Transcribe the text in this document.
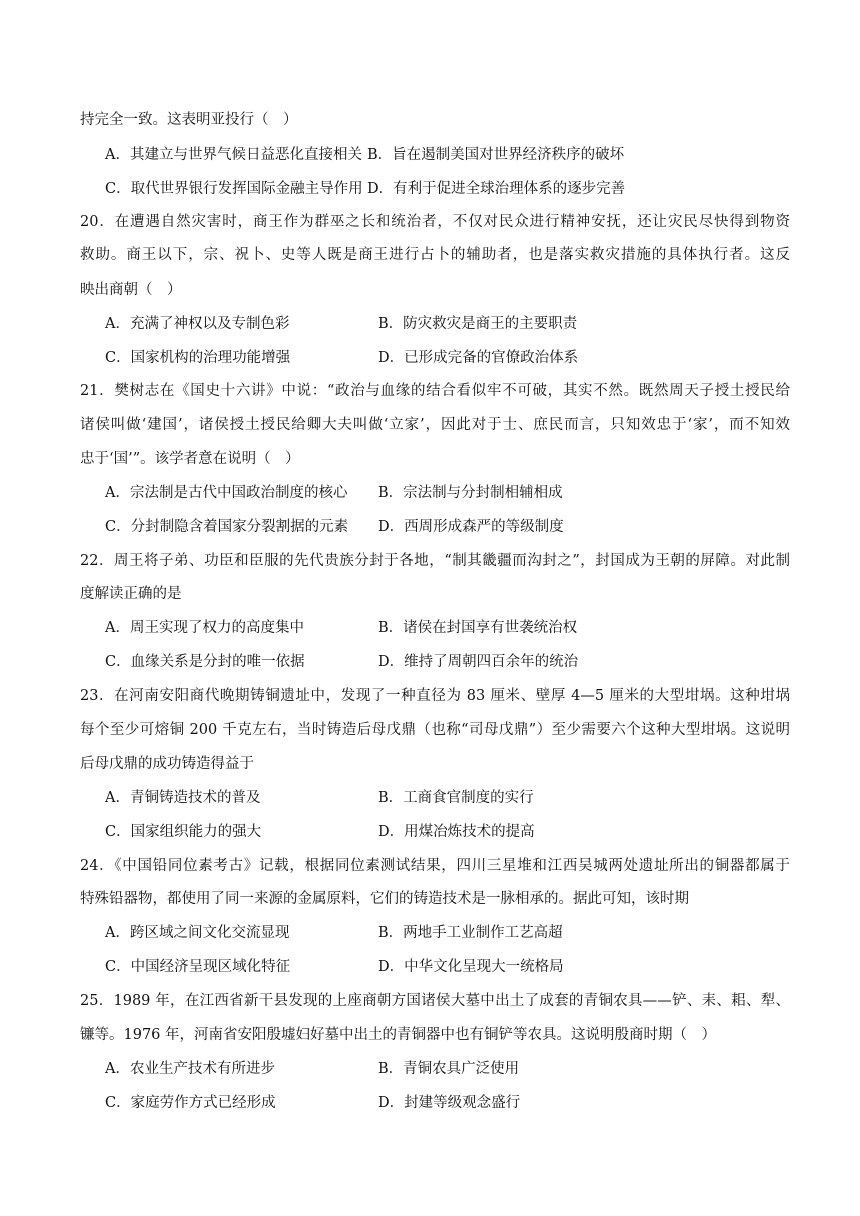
持完全一致。这表明亚投行（　）
A．其建立与世界气候日益恶化直接相关 B．旨在遏制美国对世界经济秩序的破坏
C．取代世界银行发挥国际金融主导作用 D．有利于促进全球治理体系的逐步完善
20．在遭遇自然灾害时，商王作为群巫之长和统治者，不仅对民众进行精神安抚，还让灾民尽快得到物资
救助。商王以下，宗、祝卜、史等人既是商王进行占卜的辅助者，也是落实救灾措施的具体执行者。这反
映出商朝（　）
A．充满了神权以及专制色彩	B．防灾救灾是商王的主要职责
C．国家机构的治理功能增强	D．已形成完备的官僚政治体系
21．樊树志在《国史十六讲》中说：“政治与血缘的结合看似牢不可破，其实不然。既然周天子授土授民给
诸侯叫做‘建国’，诸侯授土授民给卿大夫叫做‘立家’，因此对于士、庶民而言，只知效忠于‘家’，而不知效
忠于‘国’”。该学者意在说明（　）
A．宗法制是古代中国政治制度的核心 B．宗法制与分封制相辅相成
C．分封制隐含着国家分裂割据的元素 D．西周形成森严的等级制度
22．周王将子弟、功臣和臣服的先代贵族分封于各地，“制其畿疆而沟封之”，封国成为王朝的屏障。对此制
度解读正确的是
A．周王实现了权力的高度集中	B．诸侯在封国享有世袭统治权
C．血缘关系是分封的唯一依据	D．维持了周朝四百余年的统治
23．在河南安阳商代晚期铸铜遗址中，发现了一种直径为 83 厘米、壁厚 4—5 厘米的大型坩埚。这种坩埚
每个至少可熔铜 200 千克左右，当时铸造后母戊鼎（也称“司母戊鼎”）至少需要六个这种大型坩埚。这说明
后母戊鼎的成功铸造得益于
A．青铜铸造技术的普及	B．工商食官制度的实行
C．国家组织能力的强大	D．用煤冶炼技术的提高
24．《中国铅同位素考古》记载，根据同位素测试结果，四川三星堆和江西吴城两处遗址所出的铜器都属于
特殊铅器物，都使用了同一来源的金属原料，它们的铸造技术是一脉相承的。据此可知，该时期
A．跨区域之间文化交流显现	B．两地手工业制作工艺高超
C．中国经济呈现区域化特征	D．中华文化呈现大一统格局
25．1989 年，在江西省新干县发现的上座商朝方国诸侯大墓中出土了成套的青铜农具——铲、耒、耜、犁、
镰等。1976 年，河南省安阳殷墟妇好墓中出土的青铜器中也有铜铲等农具。这说明殷商时期（　）
A．农业生产技术有所进步	B．青铜农具广泛使用
C．家庭劳作方式已经形成	D．封建等级观念盛行
